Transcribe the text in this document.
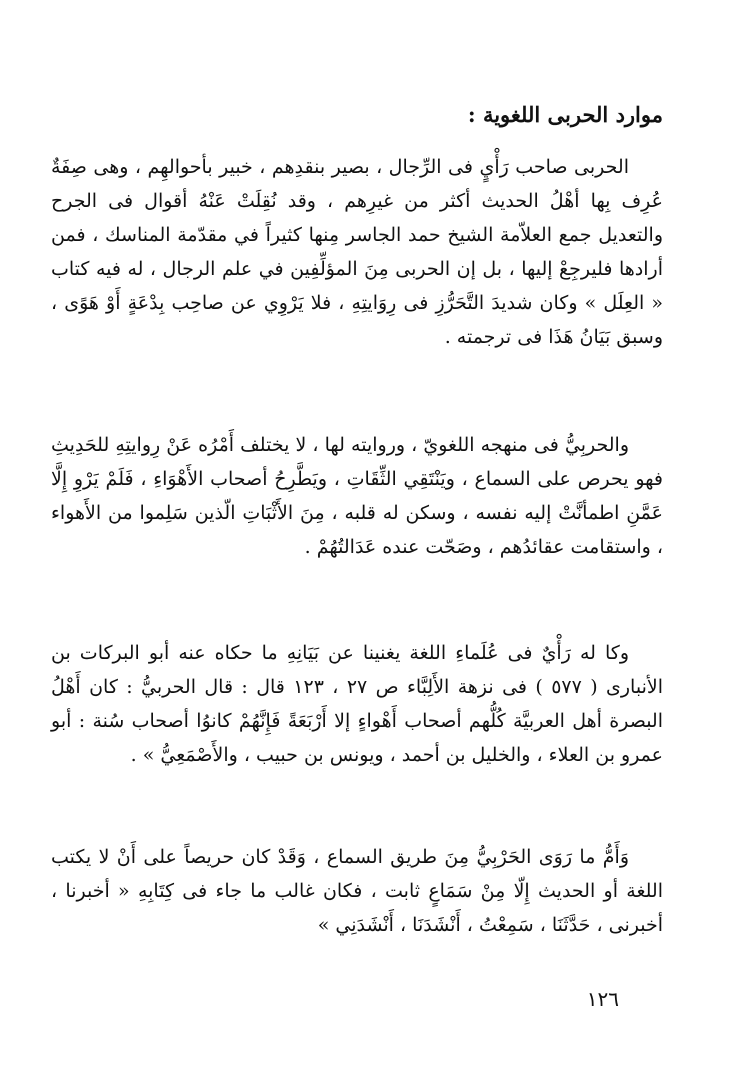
موارد الحربى اللغوية :

الحربى صاحب رَأْيٍ فى الرِّجال ، بصير بنقدِهم ، خبير بأحوالهِم ، وهى صِفَةٌ عُرِف بِها أهْلُ الحديث أكثر من غيرِهم ، وقد نُقِلَتْ عَنْهُ أقوال فى الجرح والتعديل جمع العلاّمة الشيخ حمد الجاسر مِنها كثيراً في مقدّمة المناسك ، فمن أرادها فليرجِعْ إليها ، بل إن الحربى مِنَ المؤلِّفِين في علم الرجال ، له فيه كتاب « العِلَل » وكان شديدَ التَّحَرُّزِ فى رِوَايتِهِ ، فلا يَرْوِي عن صاحِب بِدْعَةٍ أَوْ هَوًى ، وسبق بَيَانُ هَذَا فى ترجمته .

والحربِيُّ فى منهجه اللغويّ ، وروايته لها ، لا يختلف أَمْرُه عَنْ رِوايتِهِ للحَدِيثِ فهو يحرص على السماع ، ويَنْتَقِي الثِّقَاتِ ، ويَطَّرِحُ أصحاب الأَهْوَاءِ ، فَلَمْ يَرْوِ إِلَّا عَمَّنِ اطمأنَّتْ إليه نفسه ، وسكن له قلبه ، مِنَ الأَثْبَاتِ الّذين سَلِموا من الأَهواء ، واستقامت عقائدُهم ، وصَحّت عنده عَدَالتُهُمْ .

وكا له رَأْيٌ فى عُلَماءِ اللغة يغنينا عن بَيَانِهِ ما حكاه عنه أبو البركات بن الأنبارى ( ٥٧٧ ) فى نزهة الأَلِبَّاء ص ٢٧ ، ١٢٣ قال : قال الحربيُّ : كان أَهْلُ البصرة أهل العربيَّة كُلُّهم أصحاب أَهْواءٍ إلا أَرْبَعَةً فَإِنَّهُمْ كانوُا أصحاب سُنة : أبو عمرو بن العلاء ، والخليل بن أحمد ، ويونس بن حبيب ، والأَصْمَعِيُّ » .

وَأَمُّ ما رَوَى الحَرْبِيُّ مِنَ طريق السماع ، وَقَدْ كان حريصاً على أَنْ لا يكتب اللغة أو الحديث إِلّا مِنْ سَمَاعٍ ثابت ، فكان غالب ما جاء فى كِتَابِهِ « أخبرنا ، أخبرنى ، حَدَّثَنَا ، سَمِعْتُ ، أَنْشَدَنَا ، أَنْشَدَنِي »

١٢٦
